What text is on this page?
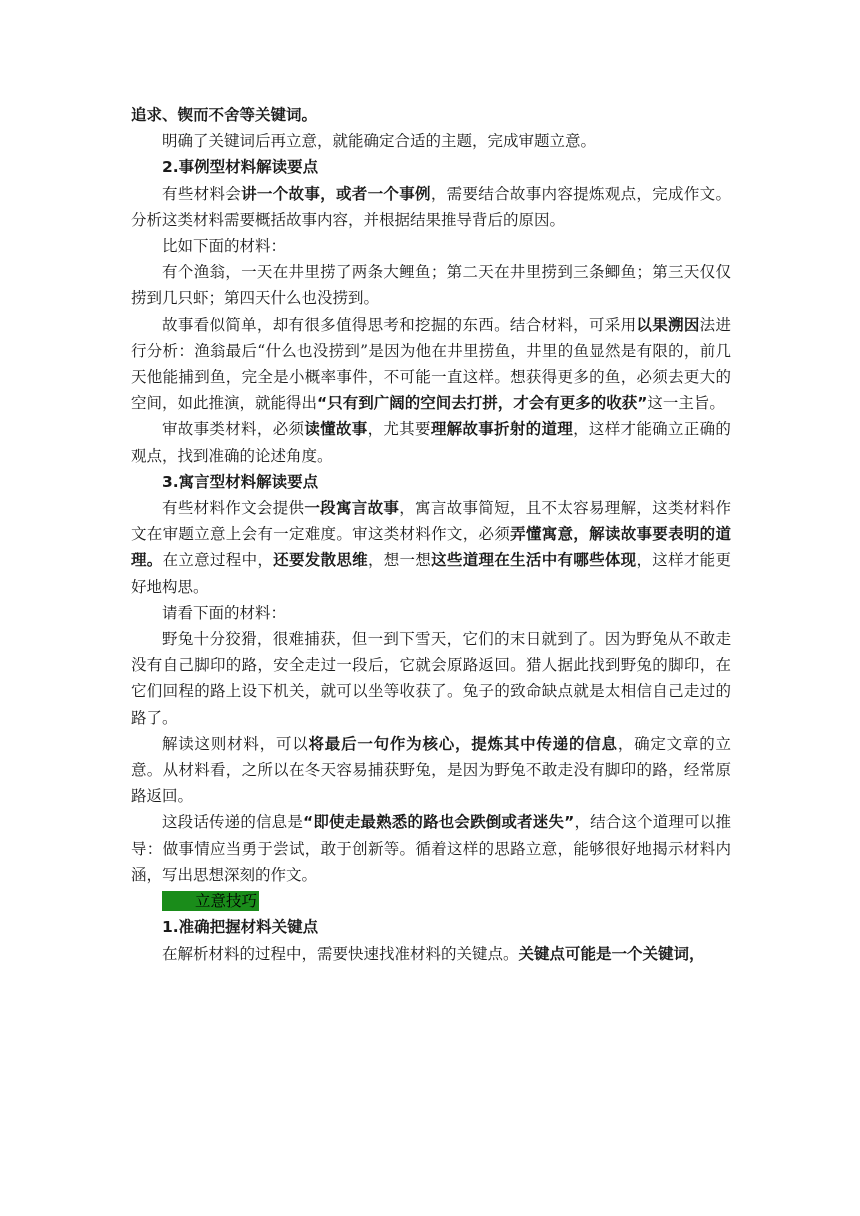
追求、锲而不舍等关键词。

明确了关键词后再立意，就能确定合适的主题，完成审题立意。

2.事例型材料解读要点

有些材料会讲一个故事，或者一个事例，需要结合故事内容提炼观点，完成作文。分析这类材料需要概括故事内容，并根据结果推导背后的原因。

比如下面的材料：

有个渔翁，一天在井里捞了两条大鲤鱼；第二天在井里捞到三条鲫鱼；第三天仅仅捞到几只虾；第四天什么也没捞到。

故事看似简单，却有很多值得思考和挖掘的东西。结合材料，可采用以果溯因法进行分析：渔翁最后“什么也没捞到”是因为他在井里捞鱼，井里的鱼显然是有限的，前几天他能捕到鱼，完全是小概率事件，不可能一直这样。想获得更多的鱼，必须去更大的空间，如此推演，就能得出“只有到广阔的空间去打拼，才会有更多的收获”这一主旨。

审故事类材料，必须读懂故事，尤其要理解故事折射的道理，这样才能确立正确的观点，找到准确的论述角度。

3.寓言型材料解读要点

有些材料作文会提供一段寓言故事，寓言故事简短，且不太容易理解，这类材料作文在审题立意上会有一定难度。审这类材料作文，必须弄懂寓意，解读故事要表明的道理。在立意过程中，还要发散思维，想一想这些道理在生活中有哪些体现，这样才能更好地构思。

请看下面的材料：

野兔十分狡猾，很难捕获，但一到下雪天，它们的末日就到了。因为野兔从不敢走没有自己脚印的路，安全走过一段后，它就会原路返回。猎人据此找到野兔的脚印，在它们回程的路上设下机关，就可以坐等收获了。兔子的致命缺点就是太相信自己走过的路了。

解读这则材料，可以将最后一句作为核心，提炼其中传递的信息，确定文章的立意。从材料看，之所以在冬天容易捕获野兔，是因为野兔不敢走没有脚印的路，经常原路返回。

这段话传递的信息是“即使走最熟悉的路也会跌倒或者迷失”，结合这个道理可以推导：做事情应当勇于尝试，敢于创新等。循着这样的思路立意，能够很好地揭示材料内涵，写出思想深刻的作文。

立意技巧

1.准确把握材料关键点

在解析材料的过程中，需要快速找准材料的关键点。关键点可能是一个关键词，
